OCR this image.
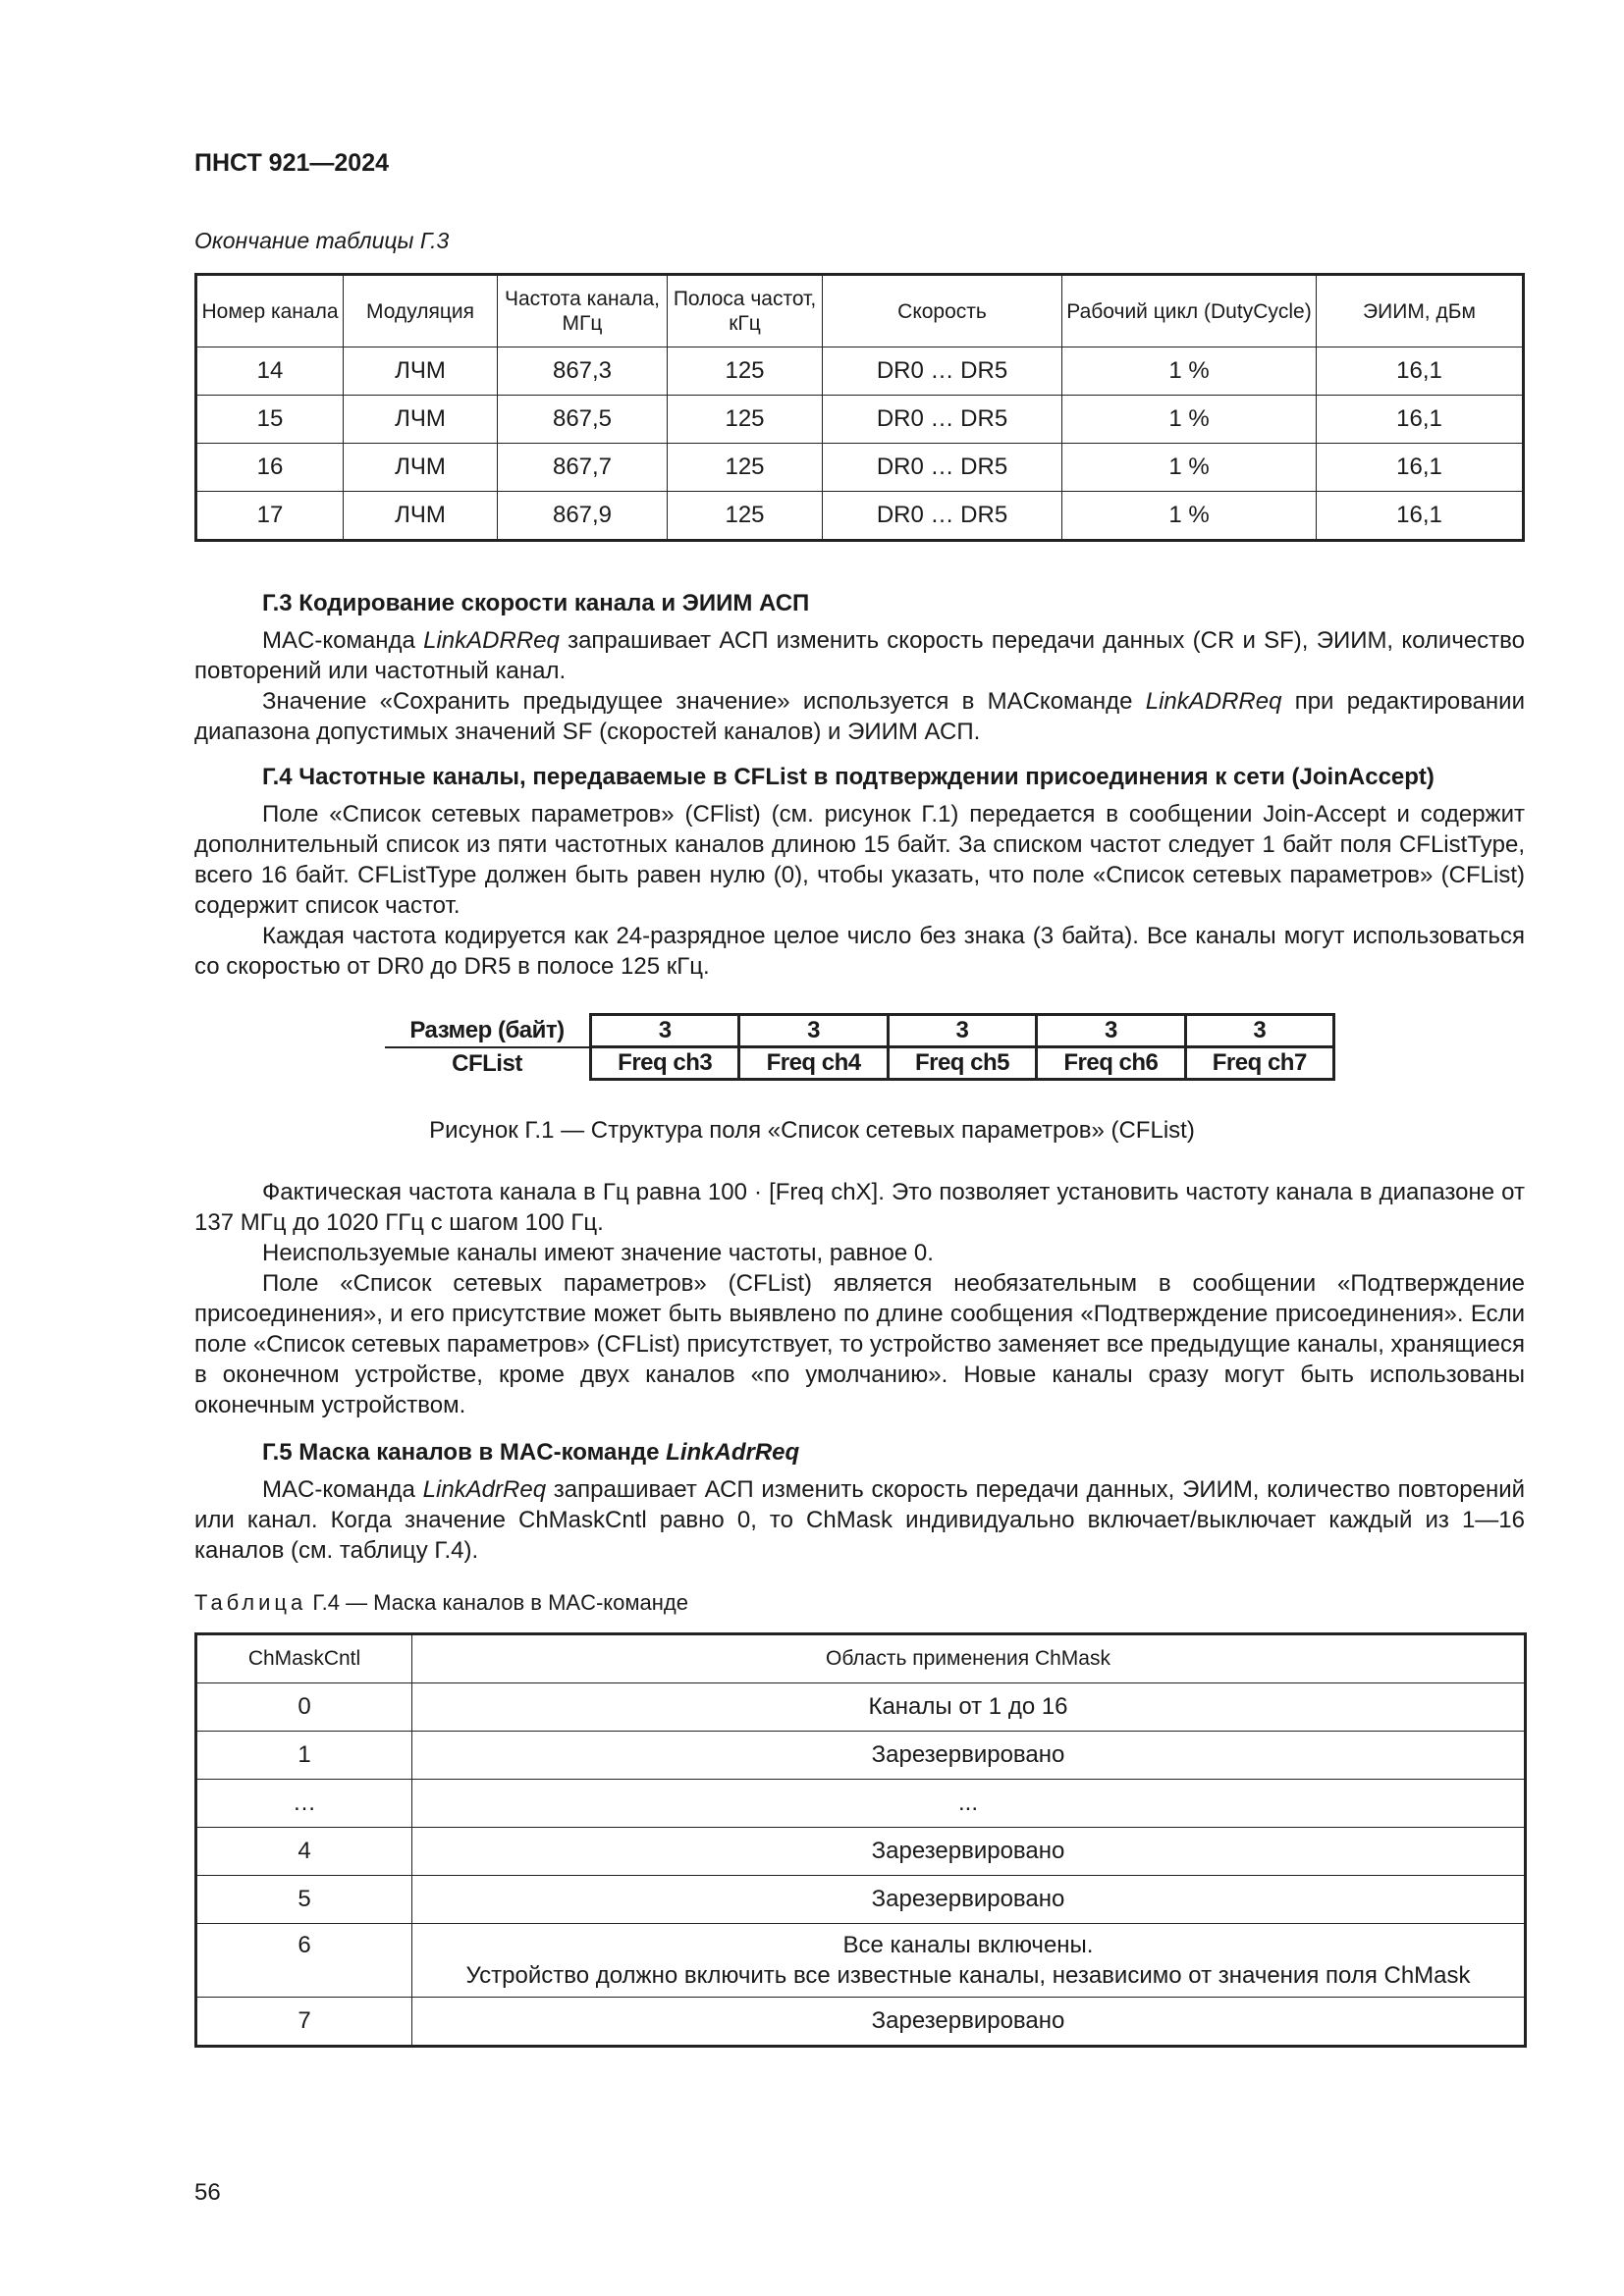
ПНСТ 921—2024
Окончание таблицы Г.3
Номер канала	Модуляция	Частота канала, МГц	Полоса частот, кГц	Скорость	Рабочий цикл (DutyCycle)	ЭИИМ, дБм
14	ЛЧМ	867,3	125	DR0 … DR5	1 %	16,1
15	ЛЧМ	867,5	125	DR0 … DR5	1 %	16,1
16	ЛЧМ	867,7	125	DR0 … DR5	1 %	16,1
17	ЛЧМ	867,9	125	DR0 … DR5	1 %	16,1
Г.3 Кодирование скорости канала и ЭИИМ АСП

MAC-команда LinkADRReq запрашивает АСП изменить скорость передачи данных (CR и SF), ЭИИМ, количество повторений или частотный канал.

Значение «Сохранить предыдущее значение» используется в MACкоманде LinkADRReq при редактировании диапазона допустимых значений SF (скоростей каналов) и ЭИИМ АСП.

Г.4 Частотные каналы, передаваемые в CFList в подтверждении присоединения к сети (JoinAccept)

Поле «Список сетевых параметров» (CFlist) (см. рисунок Г.1) передается в сообщении Join-Accept и содержит дополнительный список из пяти частотных каналов длиною 15 байт. За списком частот следует 1 байт поля CFListType, всего 16 байт. CFListType должен быть равен нулю (0), чтобы указать, что поле «Список сетевых параметров» (CFList) содержит список частот.

Каждая частота кодируется как 24-разрядное целое число без знака (3 байта). Все каналы могут использоваться со скоростью от DR0 до DR5 в полосе 125 кГц.

Размер (байт)	3	3	3	3	3
CFList	Freq ch3	Freq ch4	Freq ch5	Freq ch6	Freq ch7
Рисунок Г.1 — Структура поля «Список сетевых параметров» (CFList)

Фактическая частота канала в Гц равна 100 · [Freq chX]. Это позволяет установить частоту канала в диапазоне от 137 МГц до 1020 ГГц с шагом 100 Гц.

Неиспользуемые каналы имеют значение частоты, равное 0.

Поле «Список сетевых параметров» (CFList) является необязательным в сообщении «Подтверждение присоединения», и его присутствие может быть выявлено по длине сообщения «Подтверждение присоединения». Если поле «Список сетевых параметров» (CFList) присутствует, то устройство заменяет все предыдущие каналы, хранящиеся в оконечном устройстве, кроме двух каналов «по умолчанию». Новые каналы сразу могут быть использованы оконечным устройством.

Г.5 Маска каналов в MAC-команде LinkAdrReq

MAC-команда LinkAdrReq запрашивает АСП изменить скорость передачи данных, ЭИИМ, количество повторений или канал. Когда значение ChMaskCntl равно 0, то ChMask индивидуально включает/выключает каждый из 1—16 каналов (см. таблицу Г.4).

Таблица Г.4 — Маска каналов в MAC-команде
ChMaskCntl	Область применения ChMask
0	Каналы от 1 до 16
1	Зарезервировано
…	...
4	Зарезервировано
5	Зарезервировано
6	Все каналы включены.
Устройство должно включить все известные каналы, независимо от значения поля ChMask

7	Зарезервировано
56
